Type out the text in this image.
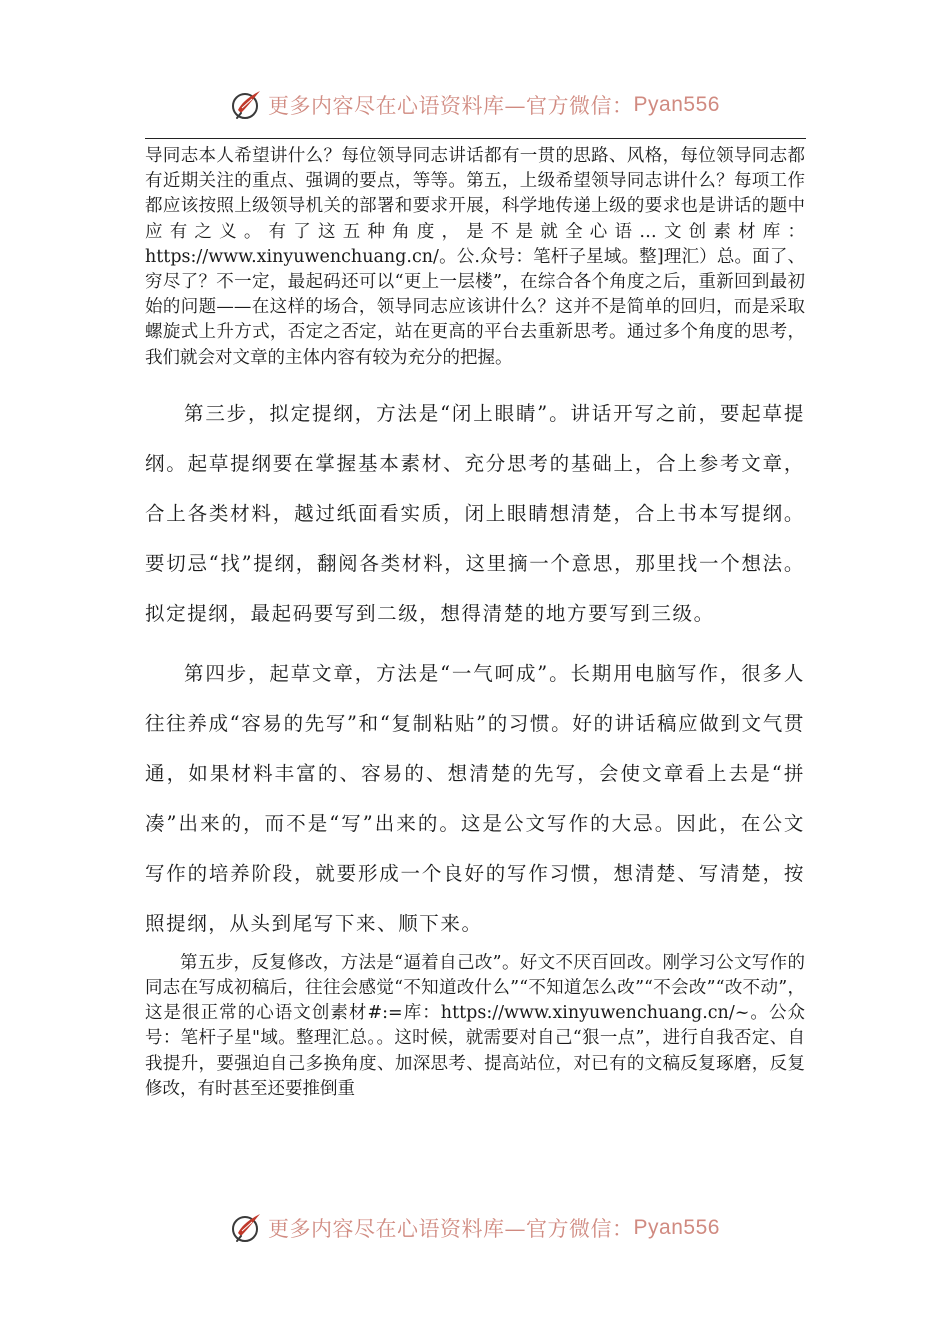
更多内容尽在心语资料库—官方微信： Pyan556

导同志本人希望讲什么？每位领导同志讲话都有一贯的思路、风格，每位领导同志都有近期关注的重点、强调的要点，等等。第五，上级希望领导同志讲什么？每项工作都应该按照上级领导机关的部署和要求开展，科学地传递上级的要求也是讲话的题中应有之义。有了这五种角度，是不是就全心语…文创素材库：https://www.xinyuwenchuang.cn/。公.众号：笔杆子星域。整]理汇）总。面了、穷尽了？不一定，最起码还可以“更上一层楼”，在综合各个角度之后，重新回到最初始的问题——在这样的场合，领导同志应该讲什么？这并不是简单的回归，而是采取螺旋式上升方式，否定之否定，站在更高的平台去重新思考。通过多个角度的思考，我们就会对文章的主体内容有较为充分的把握。

第三步，拟定提纲，方法是“闭上眼睛”。讲话开写之前，要起草提纲。起草提纲要在掌握基本素材、充分思考的基础上，合上参考文章，合上各类材料，越过纸面看实质，闭上眼睛想清楚，合上书本写提纲。要切忌“找”提纲，翻阅各类材料，这里摘一个意思，那里找一个想法。拟定提纲，最起码要写到二级，想得清楚的地方要写到三级。

第四步，起草文章，方法是“一气呵成”。长期用电脑写作，很多人往往养成“容易的先写”和“复制粘贴”的习惯。好的讲话稿应做到文气贯通，如果材料丰富的、容易的、想清楚的先写，会使文章看上去是“拼凑”出来的，而不是“写”出来的。这是公文写作的大忌。因此，在公文写作的培养阶段，就要形成一个良好的写作习惯，想清楚、写清楚，按照提纲，从头到尾写下来、顺下来。

第五步，反复修改，方法是“逼着自己改”。好文不厌百回改。刚学习公文写作的同志在写成初稿后，往往会感觉“不知道改什么”“不知道怎么改”“不会改”“改不动”，这是很正常的心语文创素材#:=库：https://www.xinyuwenchuang.cn/~。公众号：笔杆子星"域。整理汇总。。这时候，就需要对自己“狠一点”，进行自我否定、自我提升，要强迫自己多换角度、加深思考、提高站位，对已有的文稿反复琢磨，反复修改，有时甚至还要推倒重

更多内容尽在心语资料库—官方微信： Pyan556
